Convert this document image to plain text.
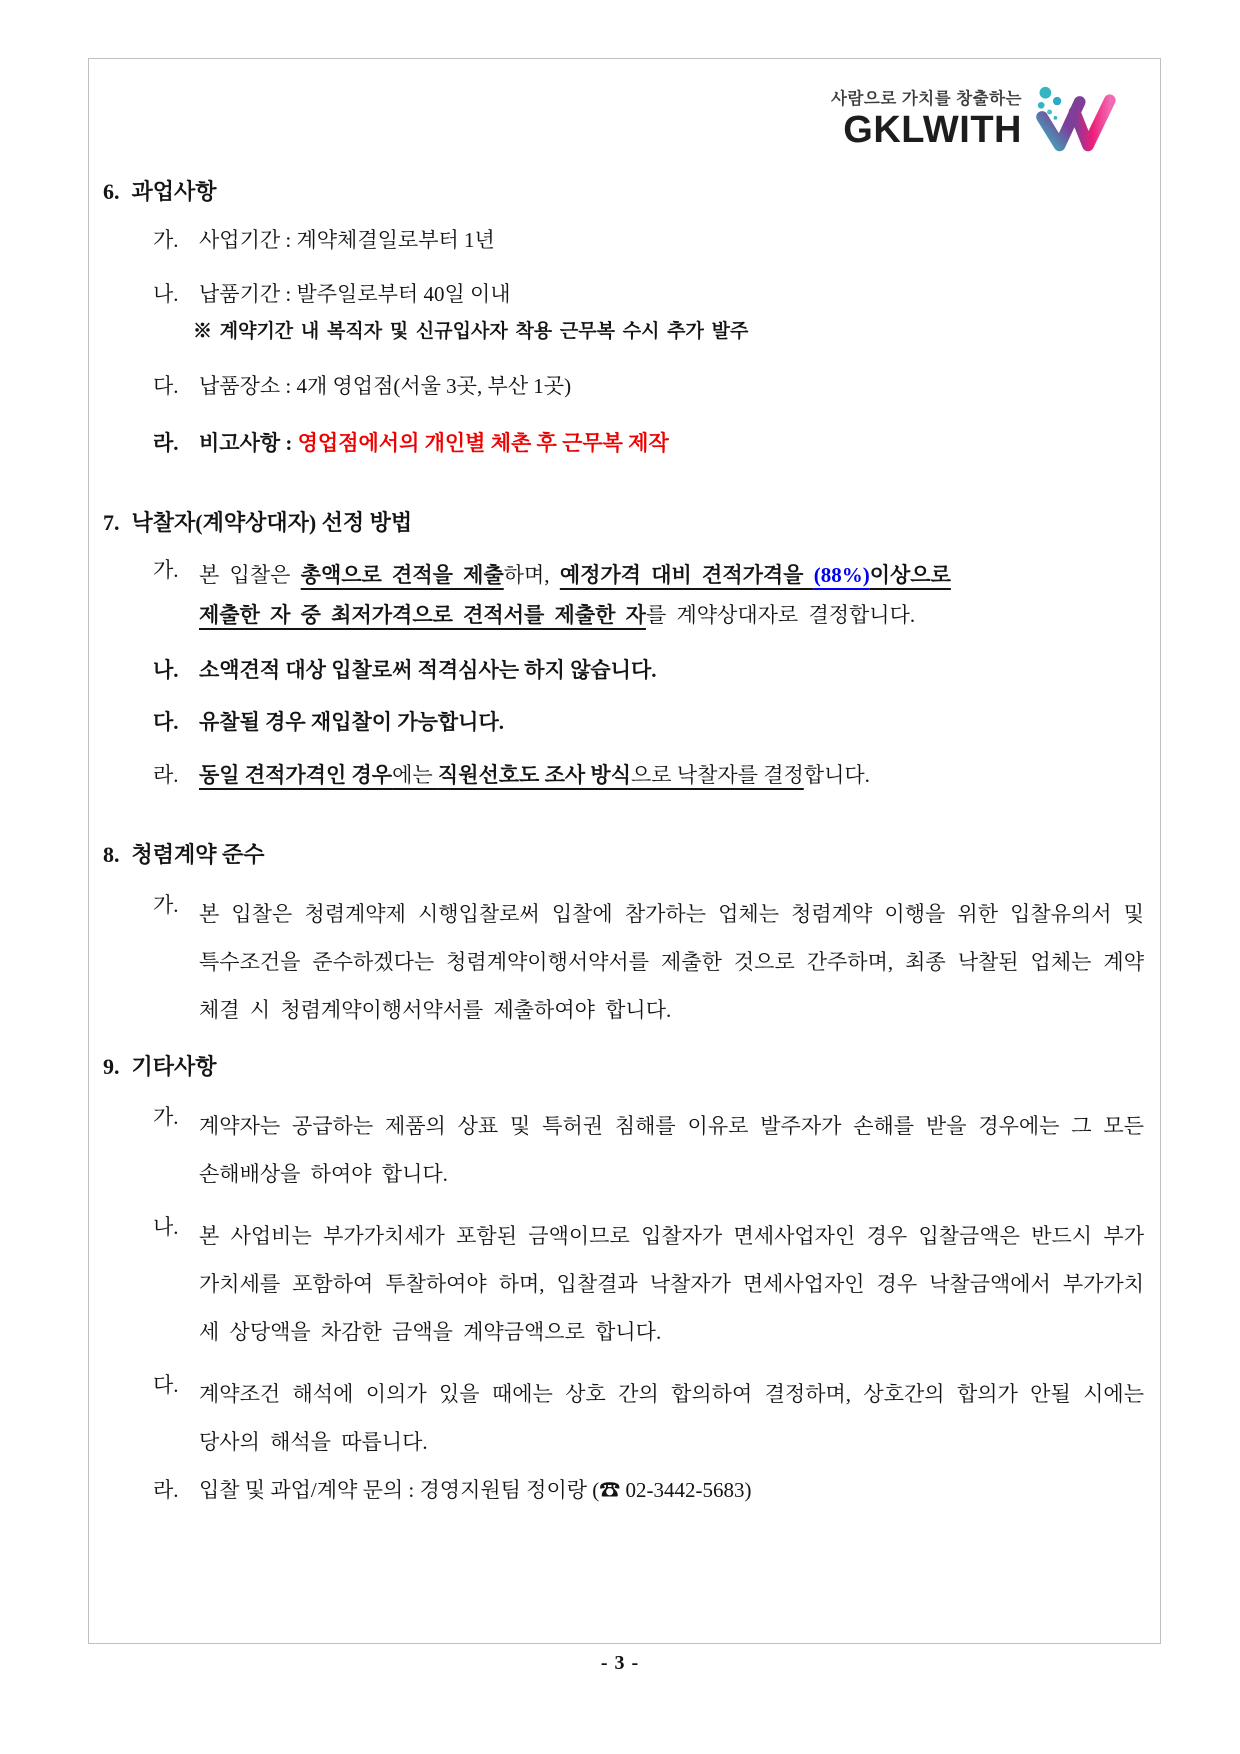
사람으로 가치를 창출하는
GKLWITH
6. 과업사항
가. 사업기간 : 계약체결일로부터 1년
나. 납품기간 : 발주일로부터 40일 이내
※ 계약기간 내 복직자 및 신규입사자 착용 근무복 수시 추가 발주
다. 납품장소 : 4개 영업점(서울 3곳, 부산 1곳)
라. 비고사항 : 영업점에서의 개인별 체촌 후 근무복 제작
7. 낙찰자(계약상대자) 선정 방법
가. 본 입찰은 총액으로 견적을 제출하며, 예정가격 대비 견적가격을 (88%)이상으로
제출한 자 중 최저가격으로 견적서를 제출한 자를 계약상대자로 결정합니다.
나. 소액견적 대상 입찰로써 적격심사는 하지 않습니다.
다. 유찰될 경우 재입찰이 가능합니다.
라. 동일 견적가격인 경우에는 직원선호도 조사 방식으로 낙찰자를 결정합니다.
8. 청렴계약 준수
가. 본 입찰은 청렴계약제 시행입찰로써 입찰에 참가하는 업체는 청렴계약 이행을 위한 입찰유의서 및 특수조건을 준수하겠다는 청렴계약이행서약서를 제출한 것으로 간주하며, 최종 낙찰된 업체는 계약체결 시 청렴계약이행서약서를 제출하여야 합니다.
9. 기타사항
가. 계약자는 공급하는 제품의 상표 및 특허권 침해를 이유로 발주자가 손해를 받을 경우에는 그 모든 손해배상을 하여야 합니다.
나. 본 사업비는 부가가치세가 포함된 금액이므로 입찰자가 면세사업자인 경우 입찰금액은 반드시 부가가치세를 포함하여 투찰하여야 하며, 입찰결과 낙찰자가 면세사업자인 경우 낙찰금액에서 부가가치세 상당액을 차감한 금액을 계약금액으로 합니다.
다. 계약조건 해석에 이의가 있을 때에는 상호 간의 합의하여 결정하며, 상호간의 합의가 안될 시에는 당사의 해석을 따릅니다.
라. 입찰 및 과업/계약 문의 : 경영지원팀 정이랑 (☎ 02-3442-5683)
- 3 -
